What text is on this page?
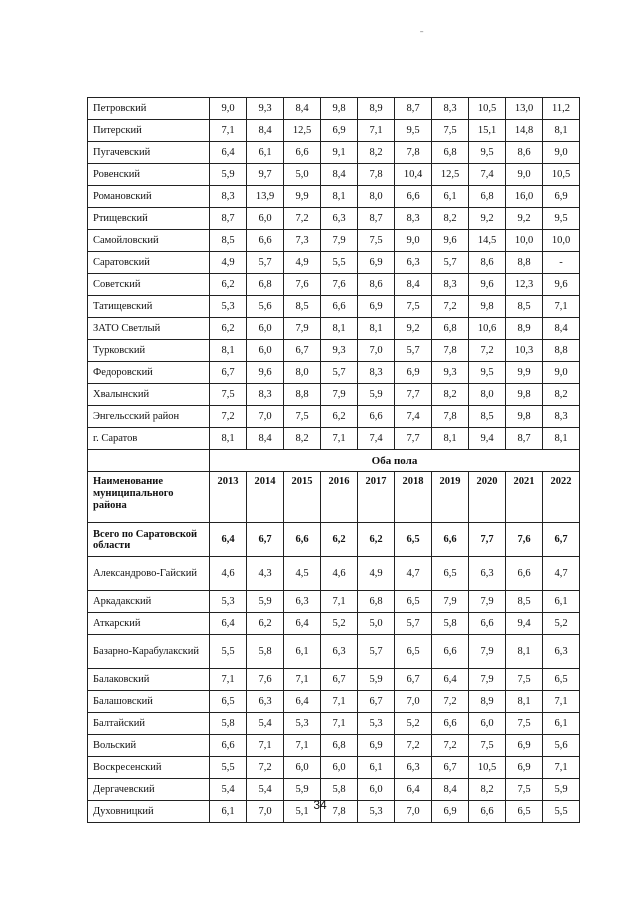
ˉ
Петровский	9,0	9,3	8,4	9,8	8,9	8,7	8,3	10,5	13,0	11,2
Питерский	7,1	8,4	12,5	6,9	7,1	9,5	7,5	15,1	14,8	8,1
Пугачевский	6,4	6,1	6,6	9,1	8,2	7,8	6,8	9,5	8,6	9,0
Ровенский	5,9	9,7	5,0	8,4	7,8	10,4	12,5	7,4	9,0	10,5
Романовский	8,3	13,9	9,9	8,1	8,0	6,6	6,1	6,8	16,0	6,9
Ртищевский	8,7	6,0	7,2	6,3	8,7	8,3	8,2	9,2	9,2	9,5
Самойловский	8,5	6,6	7,3	7,9	7,5	9,0	9,6	14,5	10,0	10,0
Саратовский	4,9	5,7	4,9	5,5	6,9	6,3	5,7	8,6	8,8	-
Советский	6,2	6,8	7,6	7,6	8,6	8,4	8,3	9,6	12,3	9,6
Татищевский	5,3	5,6	8,5	6,6	6,9	7,5	7,2	9,8	8,5	7,1
ЗАТО Светлый	6,2	6,0	7,9	8,1	8,1	9,2	6,8	10,6	8,9	8,4
Турковский	8,1	6,0	6,7	9,3	7,0	5,7	7,8	7,2	10,3	8,8
Федоровский	6,7	9,6	8,0	5,7	8,3	6,9	9,3	9,5	9,9	9,0
Хвалынский	7,5	8,3	8,8	7,9	5,9	7,7	8,2	8,0	9,8	8,2
Энгельсский район	7,2	7,0	7,5	6,2	6,6	7,4	7,8	8,5	9,8	8,3
г. Саратов	8,1	8,4	8,2	7,1	7,4	7,7	8,1	9,4	8,7	8,1
	Оба пола									
Наименование муниципального района	2013	2014	2015	2016	2017	2018	2019	2020	2021	2022
Всего по Саратовской области	6,4	6,7	6,6	6,2	6,2	6,5	6,6	7,7	7,6	6,7
Александрово-Гайский	4,6	4,3	4,5	4,6	4,9	4,7	6,5	6,3	6,6	4,7
Аркадакский	5,3	5,9	6,3	7,1	6,8	6,5	7,9	7,9	8,5	6,1
Аткарский	6,4	6,2	6,4	5,2	5,0	5,7	5,8	6,6	9,4	5,2
Базарно-Карабулакский	5,5	5,8	6,1	6,3	5,7	6,5	6,6	7,9	8,1	6,3
Балаковский	7,1	7,6	7,1	6,7	5,9	6,7	6,4	7,9	7,5	6,5
Балашовский	6,5	6,3	6,4	7,1	6,7	7,0	7,2	8,9	8,1	7,1
Балтайский	5,8	5,4	5,3	7,1	5,3	5,2	6,6	6,0	7,5	6,1
Вольский	6,6	7,1	7,1	6,8	6,9	7,2	7,2	7,5	6,9	5,6
Воскресенский	5,5	7,2	6,0	6,0	6,1	6,3	6,7	10,5	6,9	7,1
Дергачевский	5,4	5,4	5,9	5,8	6,0	6,4	8,4	8,2	7,5	5,9
Духовницкий	6,1	7,0	5,1	7,8	5,3	7,0	6,9	6,6	6,5	5,5
34
